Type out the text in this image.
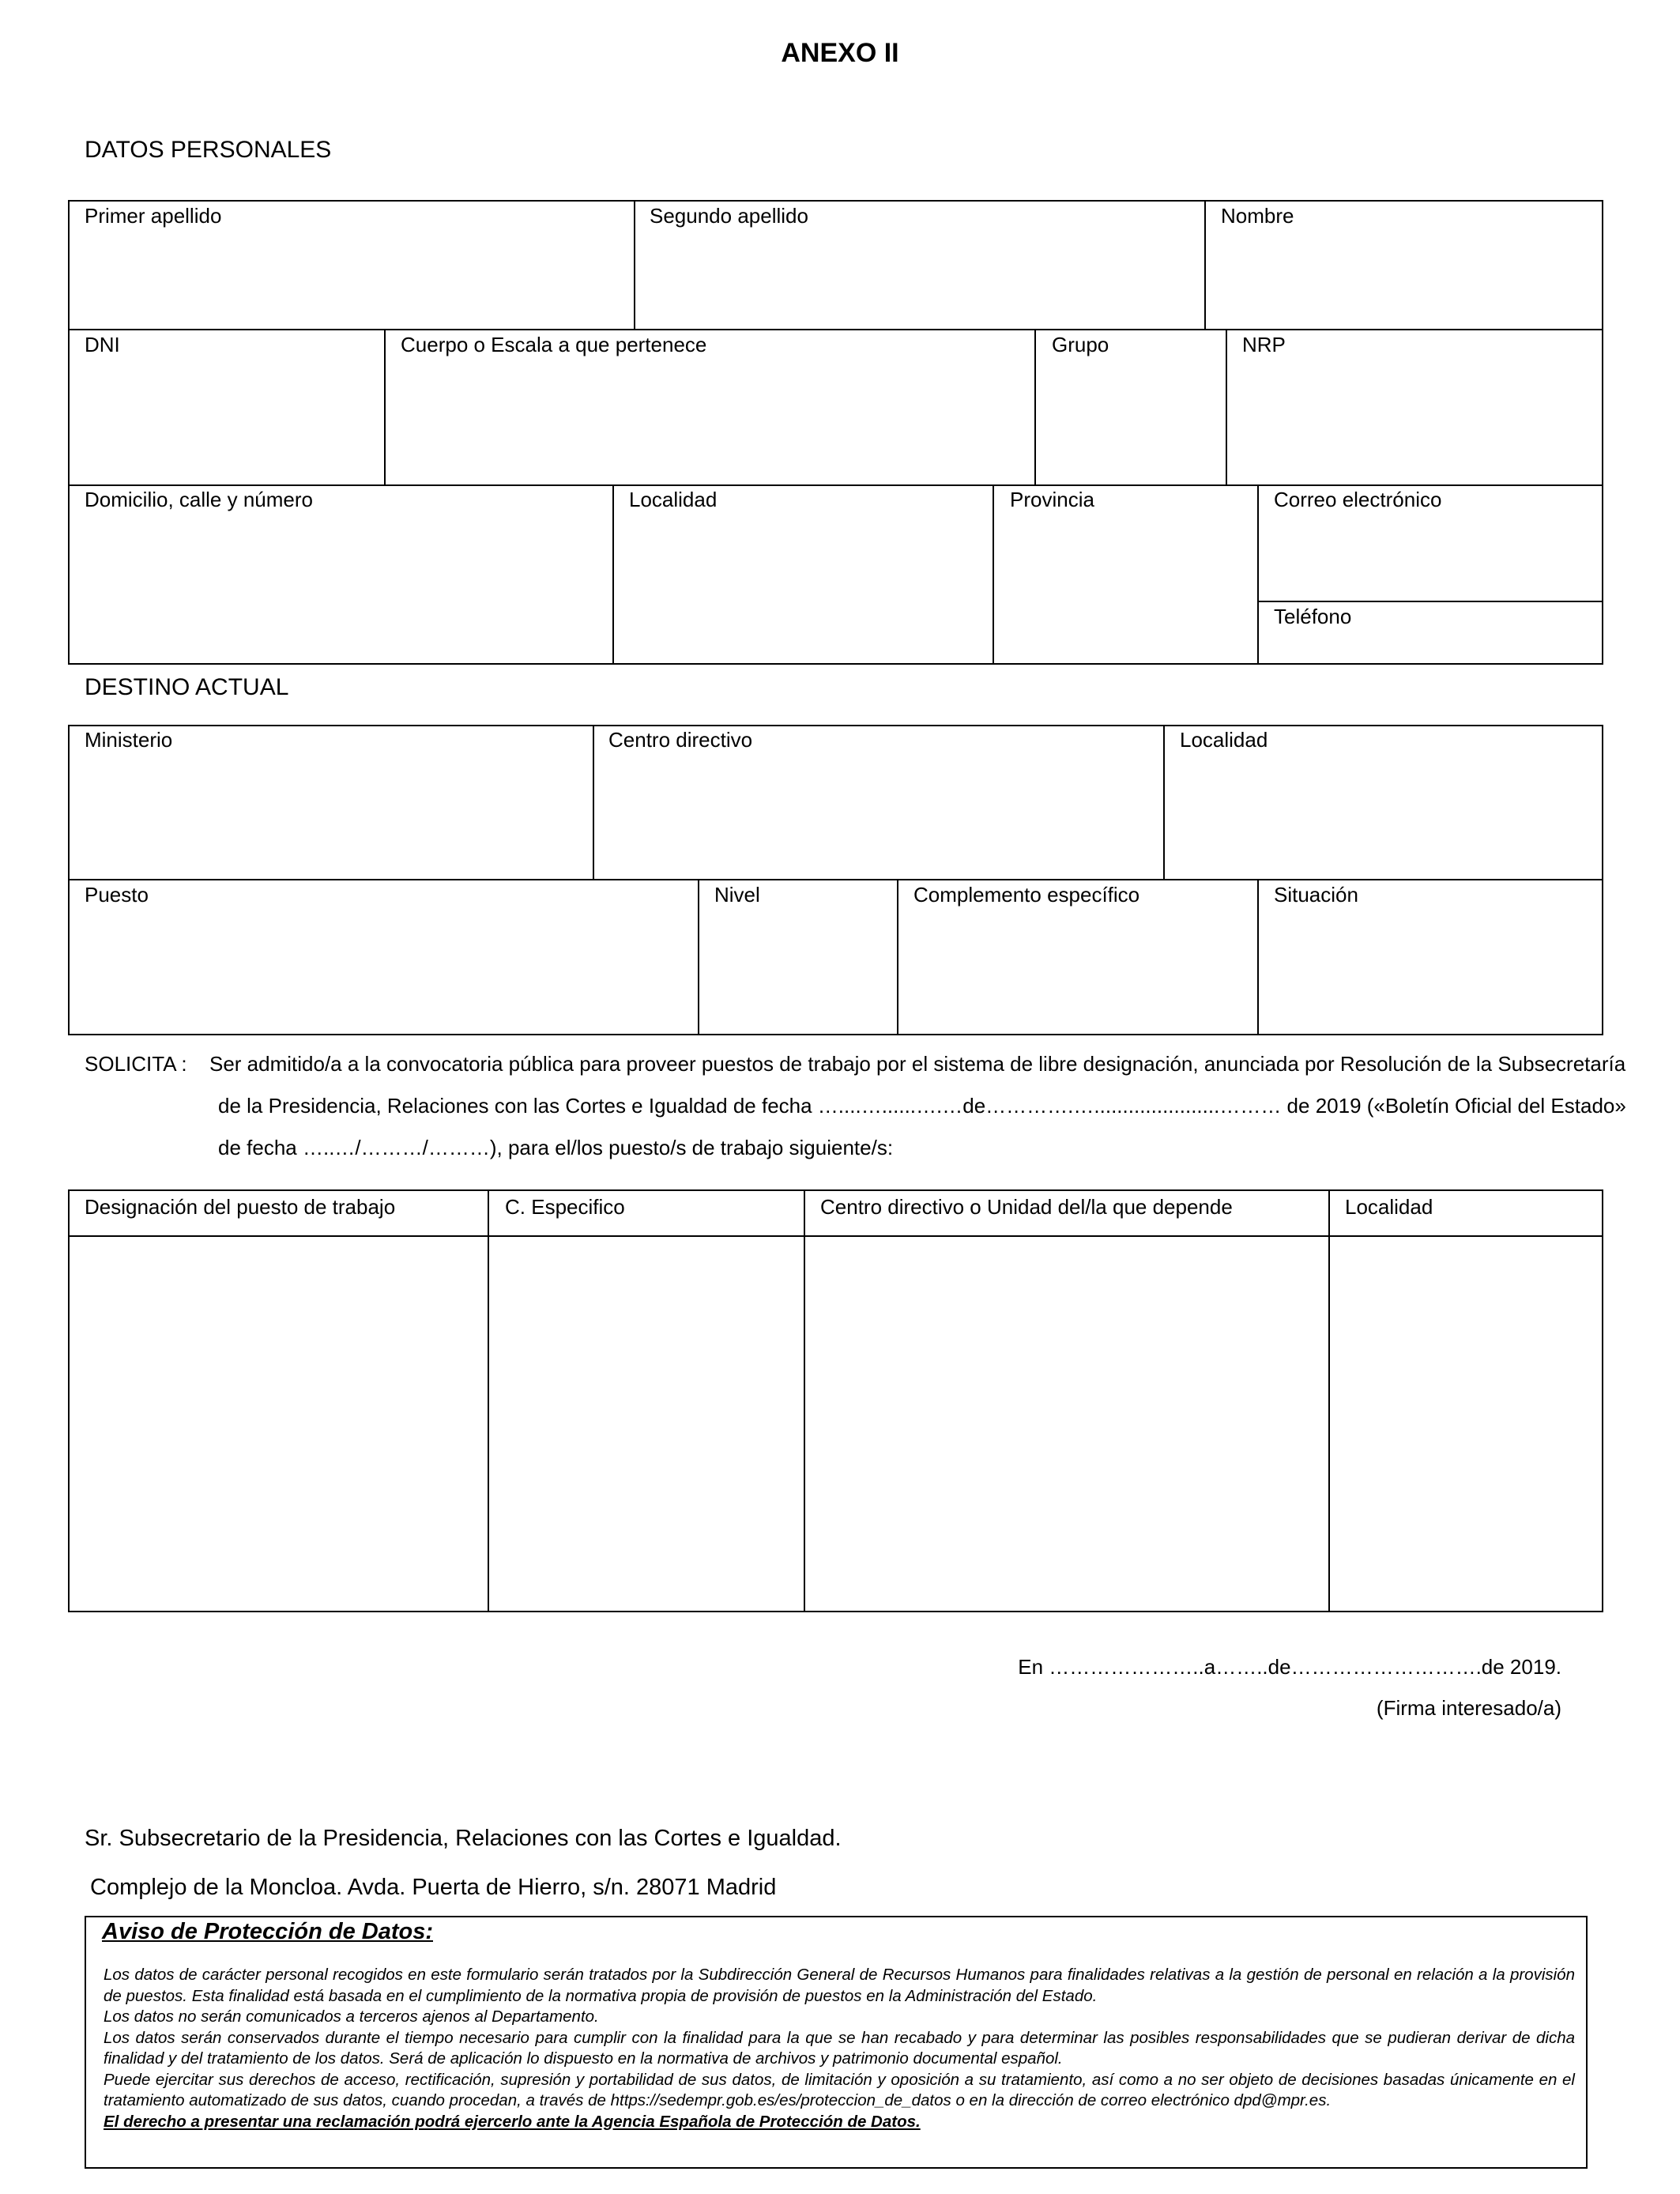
ANEXO II
DATOS PERSONALES
Primer apellido	Segundo apellido	Nombre
DNI	Cuerpo o Escala a que pertenece	Grupo	NRP
Domicilio, calle y número	Localidad	Provincia	Correo electrónico
Teléfono
DESTINO ACTUAL
Ministerio	Centro directivo	Localidad
Puesto	Nivel	Complemento específico	Situación
SOLICITA : Ser admitido/a a la convocatoria pública para proveer puestos de trabajo por el sistema de libre designación, anunciada por Resolución de la Subsecretaría
de la Presidencia, Relaciones con las Cortes e Igualdad de fecha …....…......….…de………….…......................……… de 2019 («Boletín Oficial del Estado»
de fecha …..…/………/………), para el/los puesto/s de trabajo siguiente/s:
Designación del puesto de trabajo	C. Especifico	Centro directivo o Unidad del/la que depende	Localidad
En …………………..a……..de……………………….de 2019.
(Firma interesado/a)
Sr. Subsecretario de la Presidencia, Relaciones con las Cortes e Igualdad.
Complejo de la Moncloa. Avda. Puerta de Hierro, s/n. 28071 Madrid
Aviso de Protección de Datos:

Los datos de carácter personal recogidos en este formulario serán tratados por la Subdirección General de Recursos Humanos para finalidades relativas a la gestión de personal en relación a la provisión de puestos. Esta finalidad está basada en el cumplimiento de la normativa propia de provisión de puestos en la Administración del Estado.

Los datos no serán comunicados a terceros ajenos al Departamento.

Los datos serán conservados durante el tiempo necesario para cumplir con la finalidad para la que se han recabado y para determinar las posibles responsabilidades que se pudieran derivar de dicha finalidad y del tratamiento de los datos. Será de aplicación lo dispuesto en la normativa de archivos y patrimonio documental español.

Puede ejercitar sus derechos de acceso, rectificación, supresión y portabilidad de sus datos, de limitación y oposición a su tratamiento, así como a no ser objeto de decisiones basadas únicamente en el tratamiento automatizado de sus datos, cuando procedan, a través de https://sedempr.gob.es/es/proteccion_de_datos o en la dirección de correo electrónico dpd@mpr.es.

El derecho a presentar una reclamación podrá ejercerlo ante la Agencia Española de Protección de Datos.
